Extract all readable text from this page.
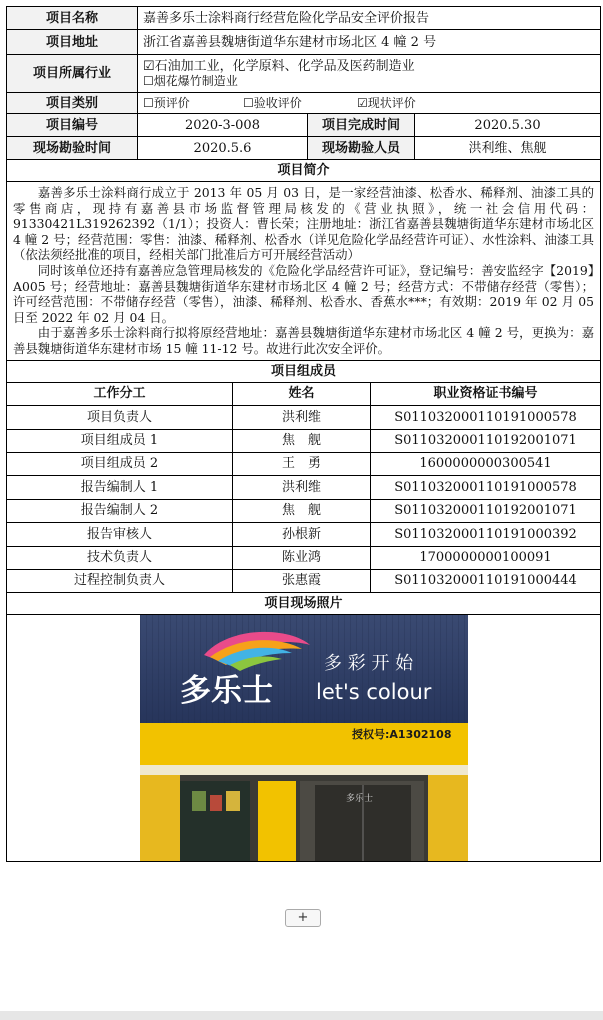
项目名称	嘉善多乐士涂料商行经营危险化学品安全评价报告		
项目地址	浙江省嘉善县魏塘街道华东建材市场北区 4 幢 2 号		
项目所属行业	☑石油加工业，化学原料、化学品及医药制造业
☐烟花爆竹制造业		

项目类别	☐预评价 ☐验收评价 ☑现状评价		
项目编号	2020-3-008	项目完成时间	2020.5.30
现场勘验时间	2020.5.6	现场勘验人员	洪利维、焦舰
项目简介			

嘉善多乐士涂料商行成立于 2013 年 05 月 03 日，是一家经营油漆、松香水、稀释剂、油漆工具的零售商店，现持有嘉善县市场监督管理局核发的《营业执照》，统一社会信用代码：91330421L319262392（1/1）；投资人：曹长荣；注册地址：浙江省嘉善县魏塘街道华东建材市场北区 4 幢 2 号；经营范围：零售：油漆、稀释剂、松香水（详见危险化学品经营许可证）、水性涂料、油漆工具（依法须经批准的项目，经相关部门批准后方可开展经营活动）

同时该单位还持有嘉善应急管理局核发的《危险化学品经营许可证》，登记编号：善安监经字【2019】A005 号；经营地址：嘉善县魏塘街道华东建材市场北区 4 幢 2 号；经营方式：不带储存经营（零售）；许可经营范围：不带储存经营（零售），油漆、稀释剂、松香水、香蕉水***；有效期：2019 年 02 月 05 日至 2022 年 02 月 04 日。

由于嘉善多乐士涂料商行拟将原经营地址：嘉善县魏塘街道华东建材市场北区 4 幢 2 号，更换为：嘉善县魏塘街道华东建材市场 15 幢 11-12 号。故进行此次安全评价。			

项目组成员		
工作分工	姓名	职业资格证书编号
项目负责人	洪利维	S011032000110191000578
项目组成员 1	焦　舰	S011032000110192001071
项目组成员 2	王　勇	1600000000300541
报告编制人 1	洪利维	S011032000110191000578
报告编制人 2	焦　舰	S011032000110192001071
报告审核人	孙根新	S011032000110191000392
技术负责人	陈业鸿	1700000000100091
过程控制负责人	张惠霞	S011032000110191000444
项目现场照片		

多乐士
多 彩 开 始
let's colour
授权号:A1302108
多乐士		
+
